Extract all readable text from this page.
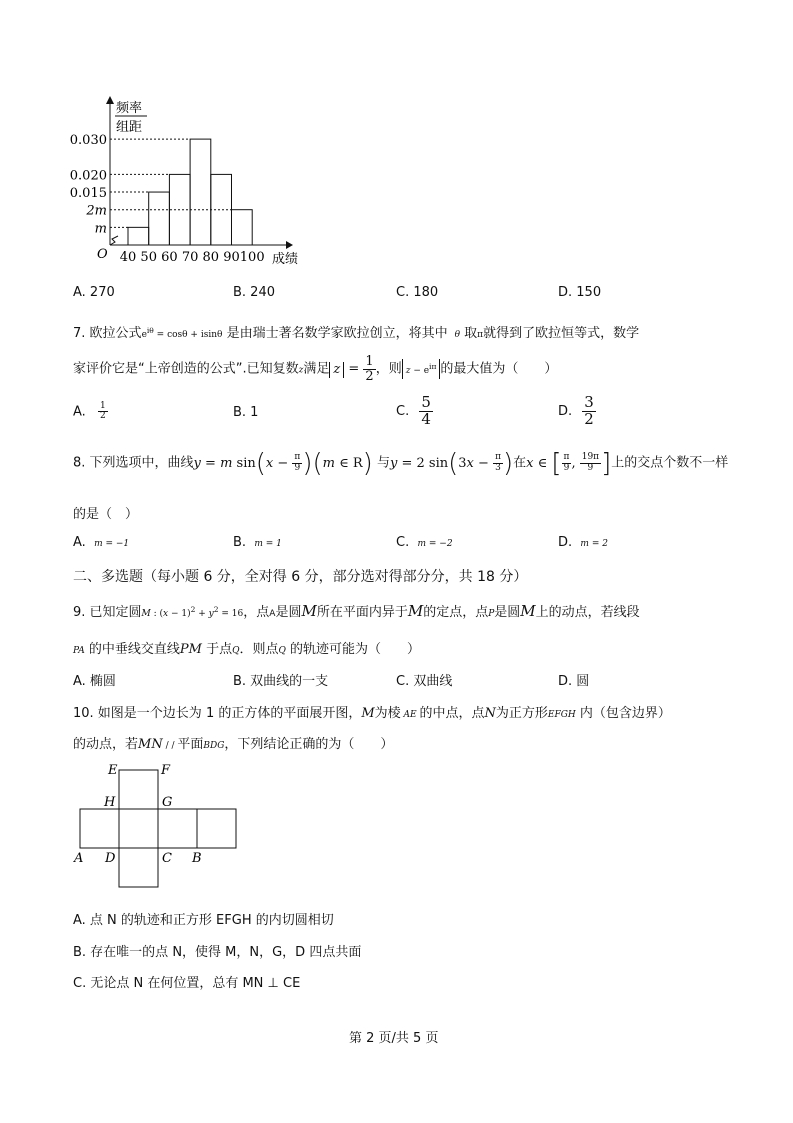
频率
组距
O	成绩
0.030
0.020
0.015
2m
m
40 50 60 70 80 90 100
A. 270	B. 240	C. 180	D. 150
7. 欧拉公式$e^{i\theta} = \cos\theta + isin\theta$ 是由瑞士著名数学家欧拉创立，将其中  θ 取π就得到了欧拉恒等式，数学
家评价它是“上帝创造的公式”.已知复数z满足 $z = \frac{1}{2}$ ，则 $z - e^{i\pi}$ 的最大值为（　　）
A. $\frac{1}{2}$	B. 1	C. $\frac{5}{4}$	D. $\frac{3}{2}$
8. 下列选项中，曲线y = m $\sin(x - \frac{\pi}{9} )(m$ ∈ R) 与y = 2 $\sin(3x - \frac{\pi}{3}$ )在x ∈ [ $\frac{\pi}{9}$ , $\frac{19\pi}{9}$ ]上的交点个数不一样
的是（　）
A. m = −1	B. m = 1	C. m = −2	D. m = 2
二、多选题（每小题 6 分，全对得 6 分，部分选对得部分分，共 18 分）
9. 已知定圆M : $(x - 1)^2 + y^2 = 16$，点A是圆M所在平面内异于M的定点，点P是圆M上的动点，若线段
PA 的中垂线交直线PM 于点Q．则点Q 的轨迹可能为（　　）
A. 椭圆	B. 双曲线的一支	C. 双曲线	D. 圆
10. 如图是一个边长为 1 的正方体的平面展开图，M为棱 AE 的中点，点N为正方形EFGH 内（包含边界）
的动点，若MN / / 平面BDG，下列结论正确的为（　　）
E	F
H	G
A D	C B
A. 点 N 的轨迹和正方形 EFGH 的内切圆相切
B. 存在唯一的点 N，使得 M，N，G，D 四点共面
C. 无论点 N 在何位置，总有 MN ⊥ CE
第 2 页/共 5 页
